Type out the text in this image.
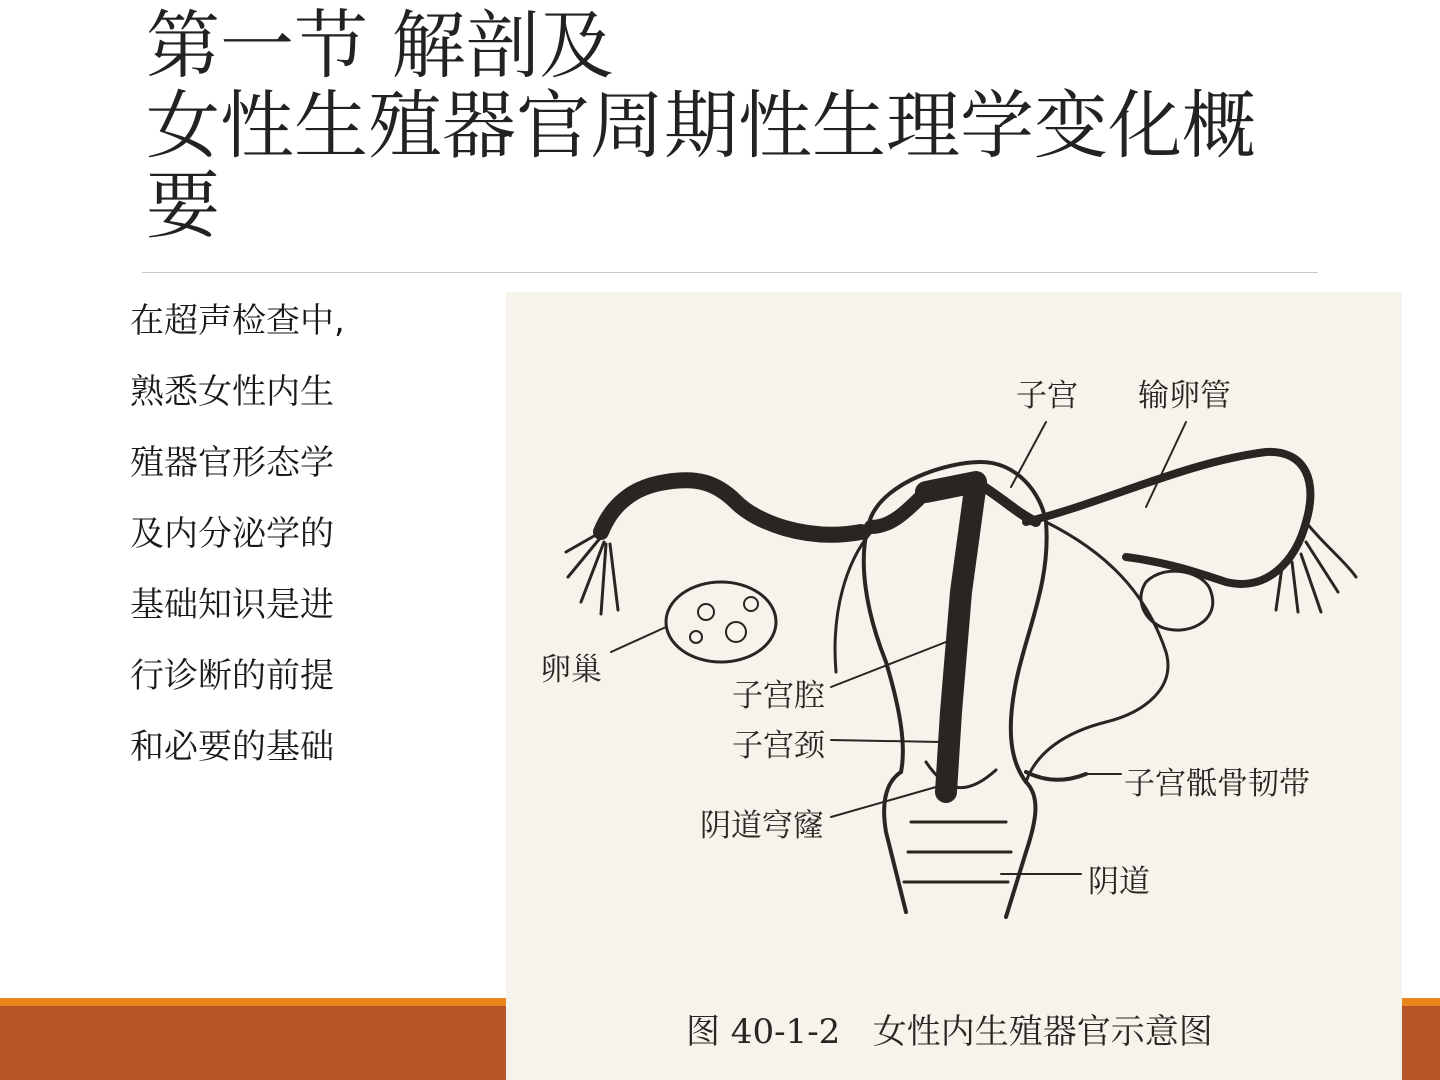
第一节 解剖及
女性生殖器官周期性生理学变化概
要
在超声检查中,
熟悉女性内生
殖器官形态学
及内分泌学的
基础知识是进
行诊断的前提
和必要的基础
子宫 输卵管
卵巢
子宫腔
子宫颈
子宫骶骨韧带
阴道穹窿
阴道
图 40-1-2   女性内生殖器官示意图
